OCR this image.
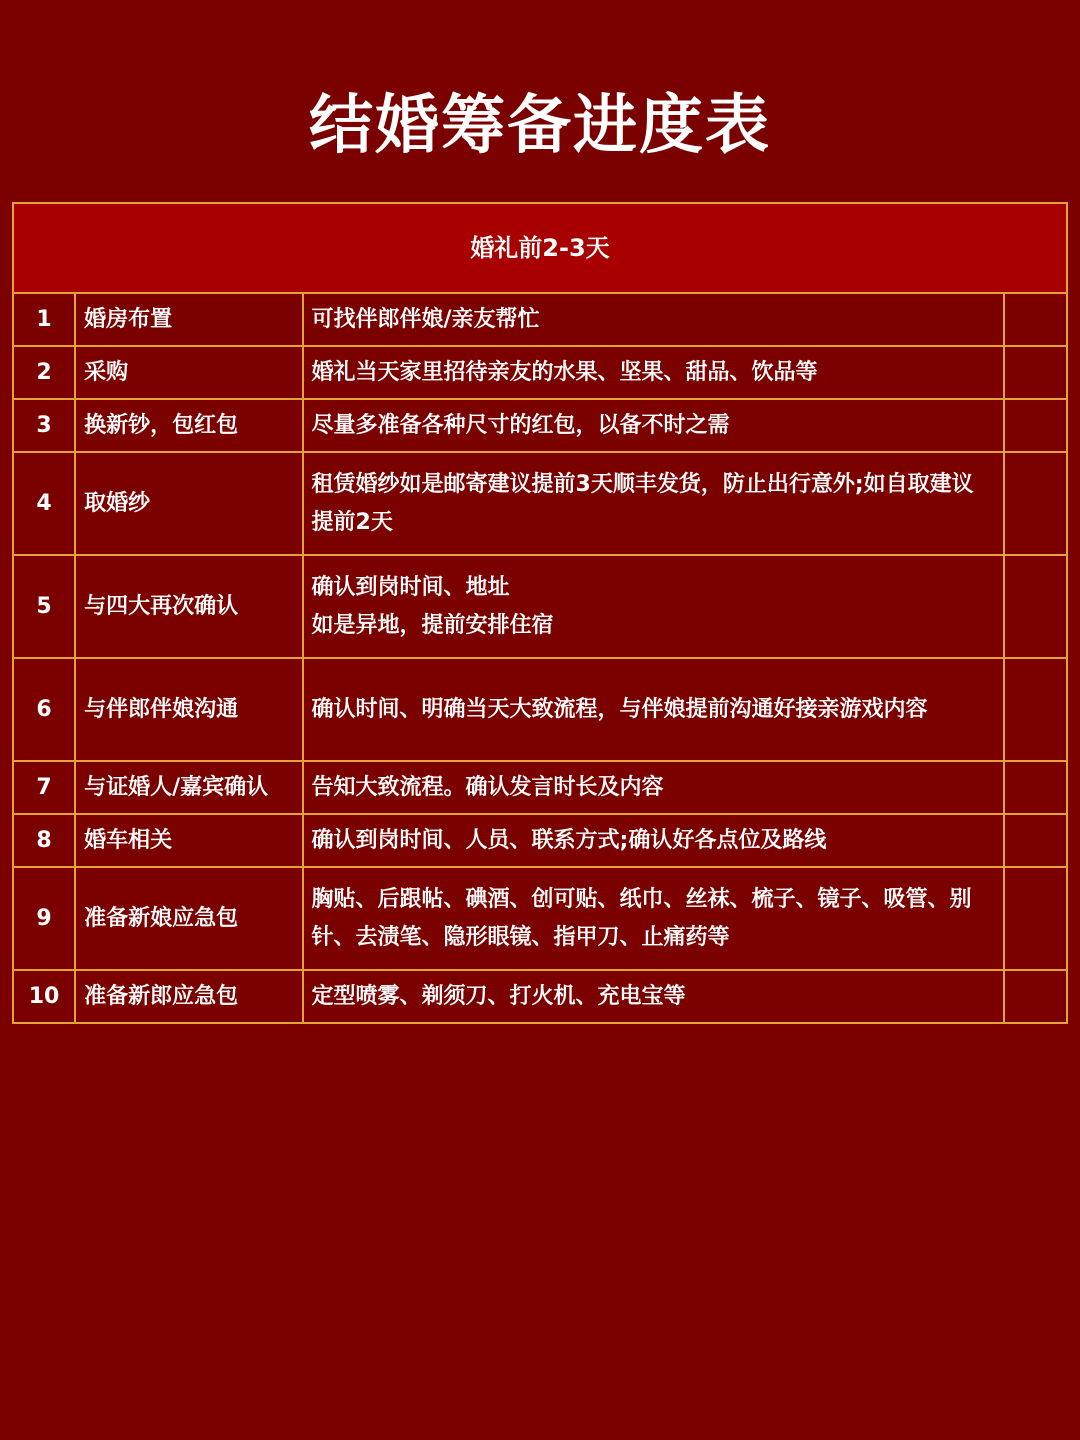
结婚筹备进度表
婚礼前2-3天			
1	婚房布置	可找伴郎伴娘/亲友帮忙	
2	采购	婚礼当天家里招待亲友的水果、坚果、甜品、饮品等	
3	换新钞，包红包	尽量多准备各种尺寸的红包，以备不时之需	
4	取婚纱	租赁婚纱如是邮寄建议提前3天顺丰发货，防止出行意外;如自取建议提前2天	
5	与四大再次确认	确认到岗时间、地址
如是异地，提前安排住宿	

6	与伴郎伴娘沟通	确认时间、明确当天大致流程，与伴娘提前沟通好接亲游戏内容	
7	与证婚人/嘉宾确认	告知大致流程。确认发言时长及内容	
8	婚车相关	确认到岗时间、人员、联系方式;确认好各点位及路线	
9	准备新娘应急包	胸贴、后跟帖、碘酒、创可贴、纸巾、丝袜、梳子、镜子、吸管、别针、去渍笔、隐形眼镜、指甲刀、止痛药等	
10	准备新郎应急包	定型喷雾、剃须刀、打火机、充电宝等	
